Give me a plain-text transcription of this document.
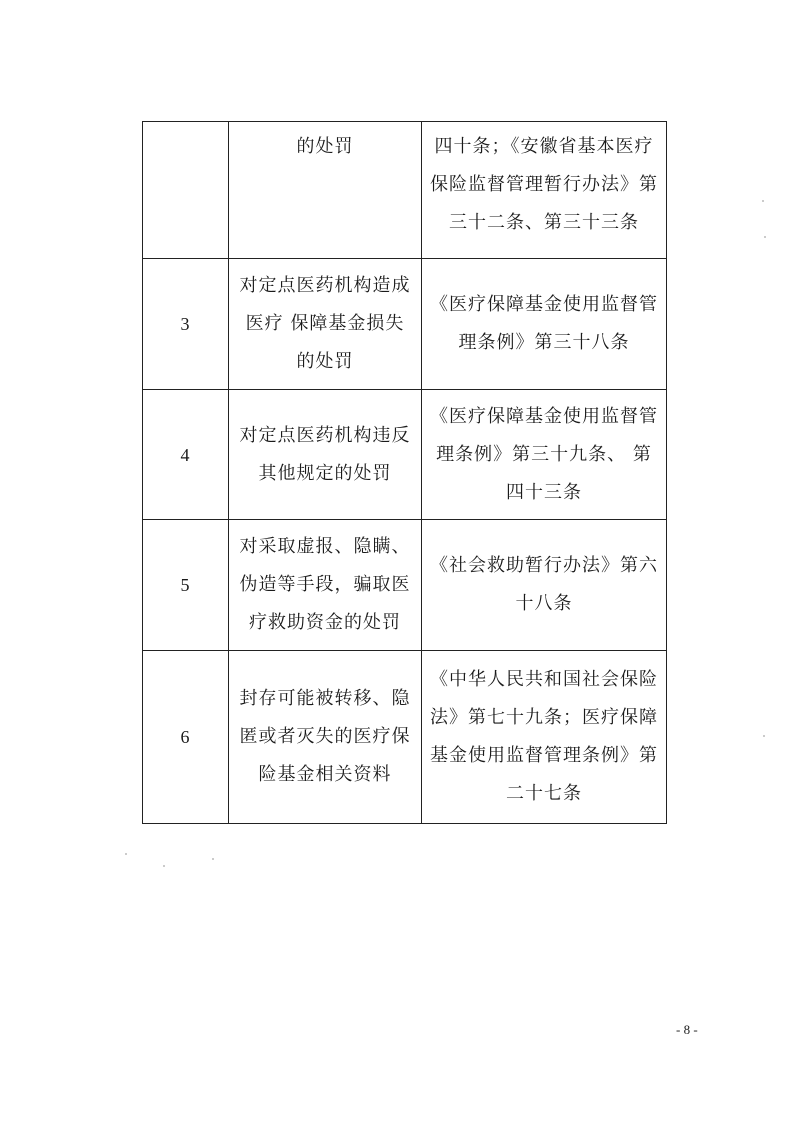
	的处罚	四十条；《安徽省基本医疗保险监督管理暂行办法》第三十二条、第三十三条
3	对定点医药机构造成医疗 保障基金损失的处罚	《医疗保障基金使用监督管理条例》第三十八条
4	对定点医药机构违反其他规定的处罚	《医疗保障基金使用监督管理条例》第三十九条、 第四十三条
5	对采取虚报、隐瞒、伪造等手段，骗取医疗救助资金的处罚	《社会救助暂行办法》第六十八条
6	封存可能被转移、隐匿或者灭失的医疗保险基金相关资料	《中华人民共和国社会保险法》第七十九条；医疗保障基金使用监督管理条例》第二十七条
- 8 -
